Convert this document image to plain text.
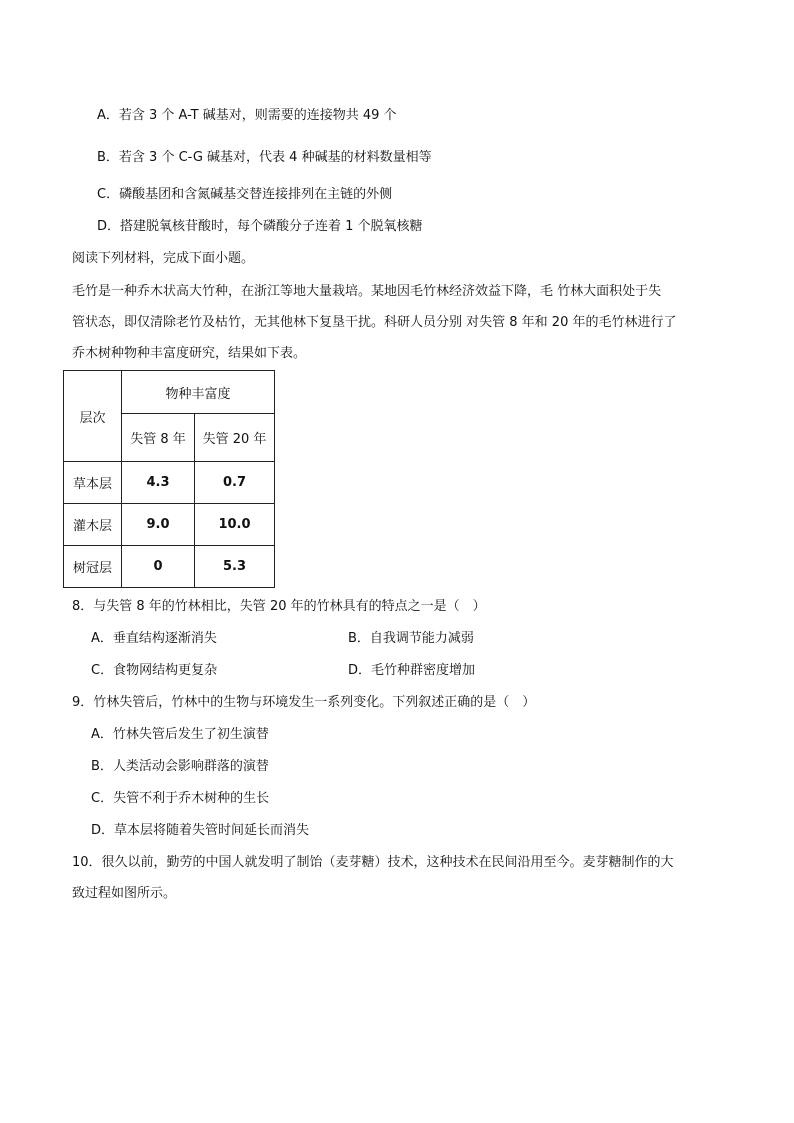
A．若含 3 个 A-T 碱基对，则需要的连接物共 49 个
B．若含 3 个 C-G 碱基对，代表 4 种碱基的材料数量相等
C．磷酸基团和含氮碱基交替连接排列在主链的外侧
D．搭建脱氧核苷酸时，每个磷酸分子连着 1 个脱氧核糖
阅读下列材料，完成下面小题。
毛竹是一种乔木状高大竹种，在浙江等地大量栽培。某地因毛竹林经济效益下降，毛 竹林大面积处于失
管状态，即仅清除老竹及枯竹，无其他林下复垦干扰。科研人员分别 对失管 8 年和 20 年的毛竹林进行了
乔木树种物种丰富度研究，结果如下表。
层次	物种丰富度	
	失管 8 年	失管 20 年
草本层	4.3	0.7
灌木层	9.0	10.0
树冠层	0	5.3
8．与失管 8 年的竹林相比，失管 20 年的竹林具有的特点之一是（　）
A．垂直结构逐渐消失	B．自我调节能力减弱
C．食物网结构更复杂	D．毛竹种群密度增加
9．竹林失管后，竹林中的生物与环境发生一系列变化。下列叙述正确的是（　）
A．竹林失管后发生了初生演替
B．人类活动会影响群落的演替
C．失管不利于乔木树种的生长
D．草本层将随着失管时间延长而消失
10．很久以前，勤劳的中国人就发明了制饴（麦芽糖）技术，这种技术在民间沿用至今。麦芽糖制作的大
致过程如图所示。
